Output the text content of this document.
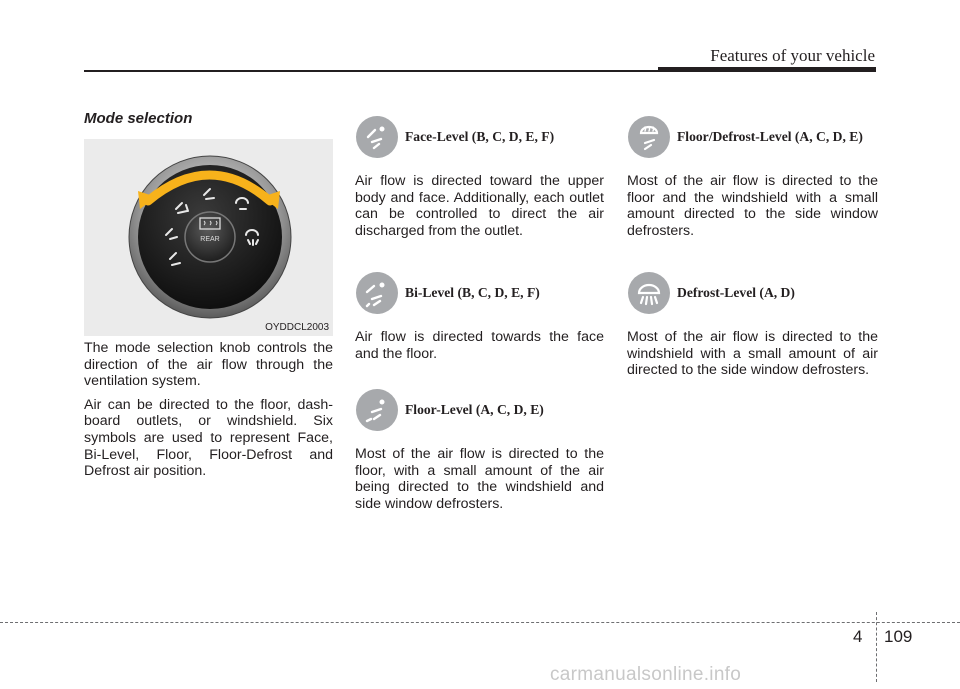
Features of your vehicle
Mode selection
REAR
OYDDCL2003

The mode selection knob controls the direction of the air flow through the ventilation system.

Air can be directed to the floor, dash-board outlets, or windshield. Six symbols are used to represent Face, Bi-Level, Floor, Floor-Defrost and Defrost air position.

Face-Level (B, C, D, E, F)

Air flow is directed toward the upper body and face. Additionally, each outlet can be controlled to direct the air discharged from the outlet.

Bi-Level (B, C, D, E, F)

Air flow is directed towards the face and the floor.

Floor-Level (A, C, D, E)

Most of the air flow is directed to the floor, with a small amount of the air being directed to the windshield and side window defrosters.

Floor/Defrost-Level (A, C, D, E)

Most of the air flow is directed to the floor and the windshield with a small amount directed to the side window defrosters.

Defrost-Level (A, D)

Most of the air flow is directed to the windshield with a small amount of air directed to the side window defrosters.

4 109
carmanualsonline.info
